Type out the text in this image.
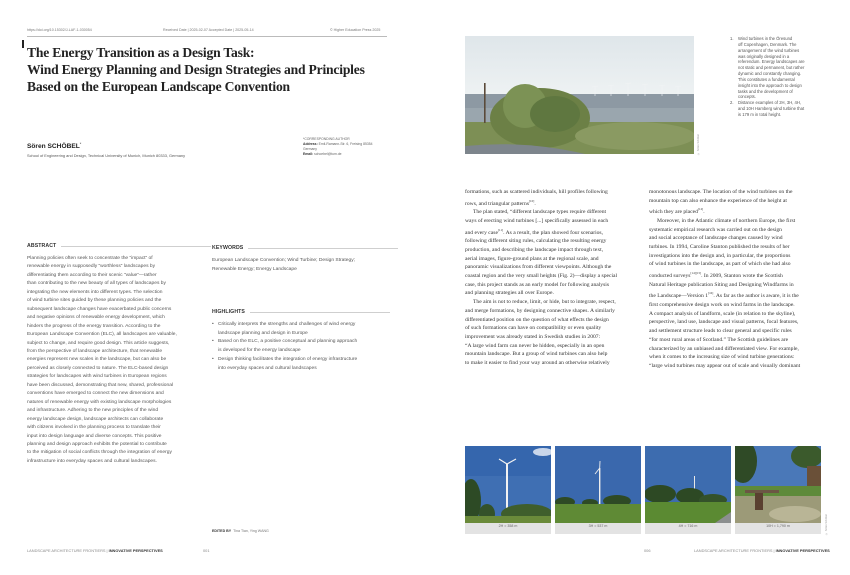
https://doi.org/10.15302/J-LAF-1-030054	Received Date | 2025-02-07 Accepted Date | 2025-05-14	© Higher Education Press 2025
The Energy Transition as a Design Task:
Wind Energy Planning and Design Strategies and Principles
Based on the European Landscape Convention
Sören SCHÖBEL*
School of Engineering and Design, Technical University of Munich, Munich 80333, Germany
*CORRESPONDING AUTHOR
Address: Emil-Ramann-Str. 6, Freising 85354
Germany
Email: schoebel@tum.de
ABSTRACT
Planning policies often seek to concentrate the “impact” of
renewable energy in supposedly “worthless” landscapes by
differentiating them according to their scenic “value”—rather
than contributing to the new beauty of all types of landscapes by
integrating the new elements into different types. The selection
of wind turbine sites guided by these planning policies and the
subsequent landscape changes have exacerbated public concerns
and negative opinions of renewable energy development, which
hinders the progress of the energy transition. According to the
European Landscape Convention (ELC), all landscapes are valuable,
subject to change, and require good design. This article suggests,
from the perspective of landscape architecture, that renewable
energies represent new scales in the landscape, but can also be
perceived as closely connected to nature. The ELC-based design
strategies for landscapes with wind turbines in European regions
have been discussed, demonstrating that new, shared, professional
conventions have emerged to connect the new dimensions and
natures of renewable energy with existing landscape morphologies
and infrastructure. Adhering to the new principles of the wind
energy landscape design, landscape architects can collaborate
with citizens involved in the planning process to translate their
input into design language and diverse concepts. This positive
planning and design approach exhibits the potential to contribute
to the mitigation of social conflicts through the integration of energy
infrastructure into everyday spaces and cultural landscapes.
KEYWORDS
European Landscape Convention; Wind Turbine; Design Strategy;
Renewable Energy; Energy Landscape
HIGHLIGHTS
• Critically interprets the strengths and challenges of wind energy
landscape planning and design in Europe
• Based on the ELC, a positive conceptual and planning approach
is developed for the energy landscape
• Design thinking facilitates the integration of energy infrastructure
into everyday spaces and cultural landscapes
EDITED BY Tina Tian, Ying WANG
LANDSCAPE ARCHITECTURE FRONTIERS | INNOVATIVE PERSPECTIVES	001
© Sören Schöbel
1.	Wind turbines in the Öresund
off Copenhagen, Denmark. The
arrangement of the wind turbines
was originally designed in a
referendum. Energy landscapes are
not static and permanent, but rather
dynamic and constantly changing.
This constitutes a fundamental
insight into the approach to design
tasks and the development of
concepts.
2.	Distance examples of 2H, 3H, 4H,
and 10H Hamberg wind turbine that
is 179 m in total height.
formations, such as scattered individuals, hill profiles following
rows, and triangular patterns[10].
The plan stated, “different landscape types require different
ways of erecting wind turbines [...] specifically assessed in each
and every case[11]. As a result, the plan showed four scenarios,
following different siting rules, calculating the resulting energy
production, and describing the landscape impact through text,
aerial images, figure-ground plans at the regional scale, and
panoramic visualizations from different viewpoints. Although the
coastal region and the very small heights (Fig. 2)—display a special
case, this project stands as an early model for following analysis
and planning strategies all over Europe.
The aim is not to reduce, limit, or hide, but to integrate, respect,
and merge formations, by designing connective shapes. A similarly
differentiated position on the question of what effects the design
of such formations can have on compatibility or even quality
improvement was already stated in Swedish studies in 2007:
“A large wind farm can never be hidden, especially in an open
mountain landscape. But a group of wind turbines can also help
to make it easier to find your way around an otherwise relatively
monotonous landscape. The location of the wind turbines on the
mountain top can also enhance the experience of the height at
which they are placed[12].
Moreover, in the Atlantic climate of northern Europe, the first
systematic empirical research was carried out on the design
and social acceptance of landscape changes caused by wind
turbines. In 1994, Caroline Stanton published the results of her
investigations into the design and, in particular, the proportions
of wind turbines in the landscape, as part of which she had also
conducted surveys[14][15]. In 2009, Stanton wrote the Scottish
Natural Heritage publication Siting and Designing Windfarms in
the Landscape—Version 1[16]. As far as the author is aware, it is the
first comprehensive design work on wind farms in the landscape.
A compact analysis of landform, scale (in relation to the skyline),
perspective, land use, landscape and visual patterns, focal features,
and settlement structure leads to clear general and specific rules
“for most rural areas of Scotland.” The Scottish guidelines are
characterized by an unbiased and differentiated view. For example,
when it comes to the increasing size of wind turbine generations:
“large wind turbines may appear out of scale and visually dominant
2H = 358 m	3H = 537 m	4H = 716 m	10H = 1,790 m	© Sören Schöbel
006	LANDSCAPE ARCHITECTURE FRONTIERS | INNOVATIVE PERSPECTIVES
